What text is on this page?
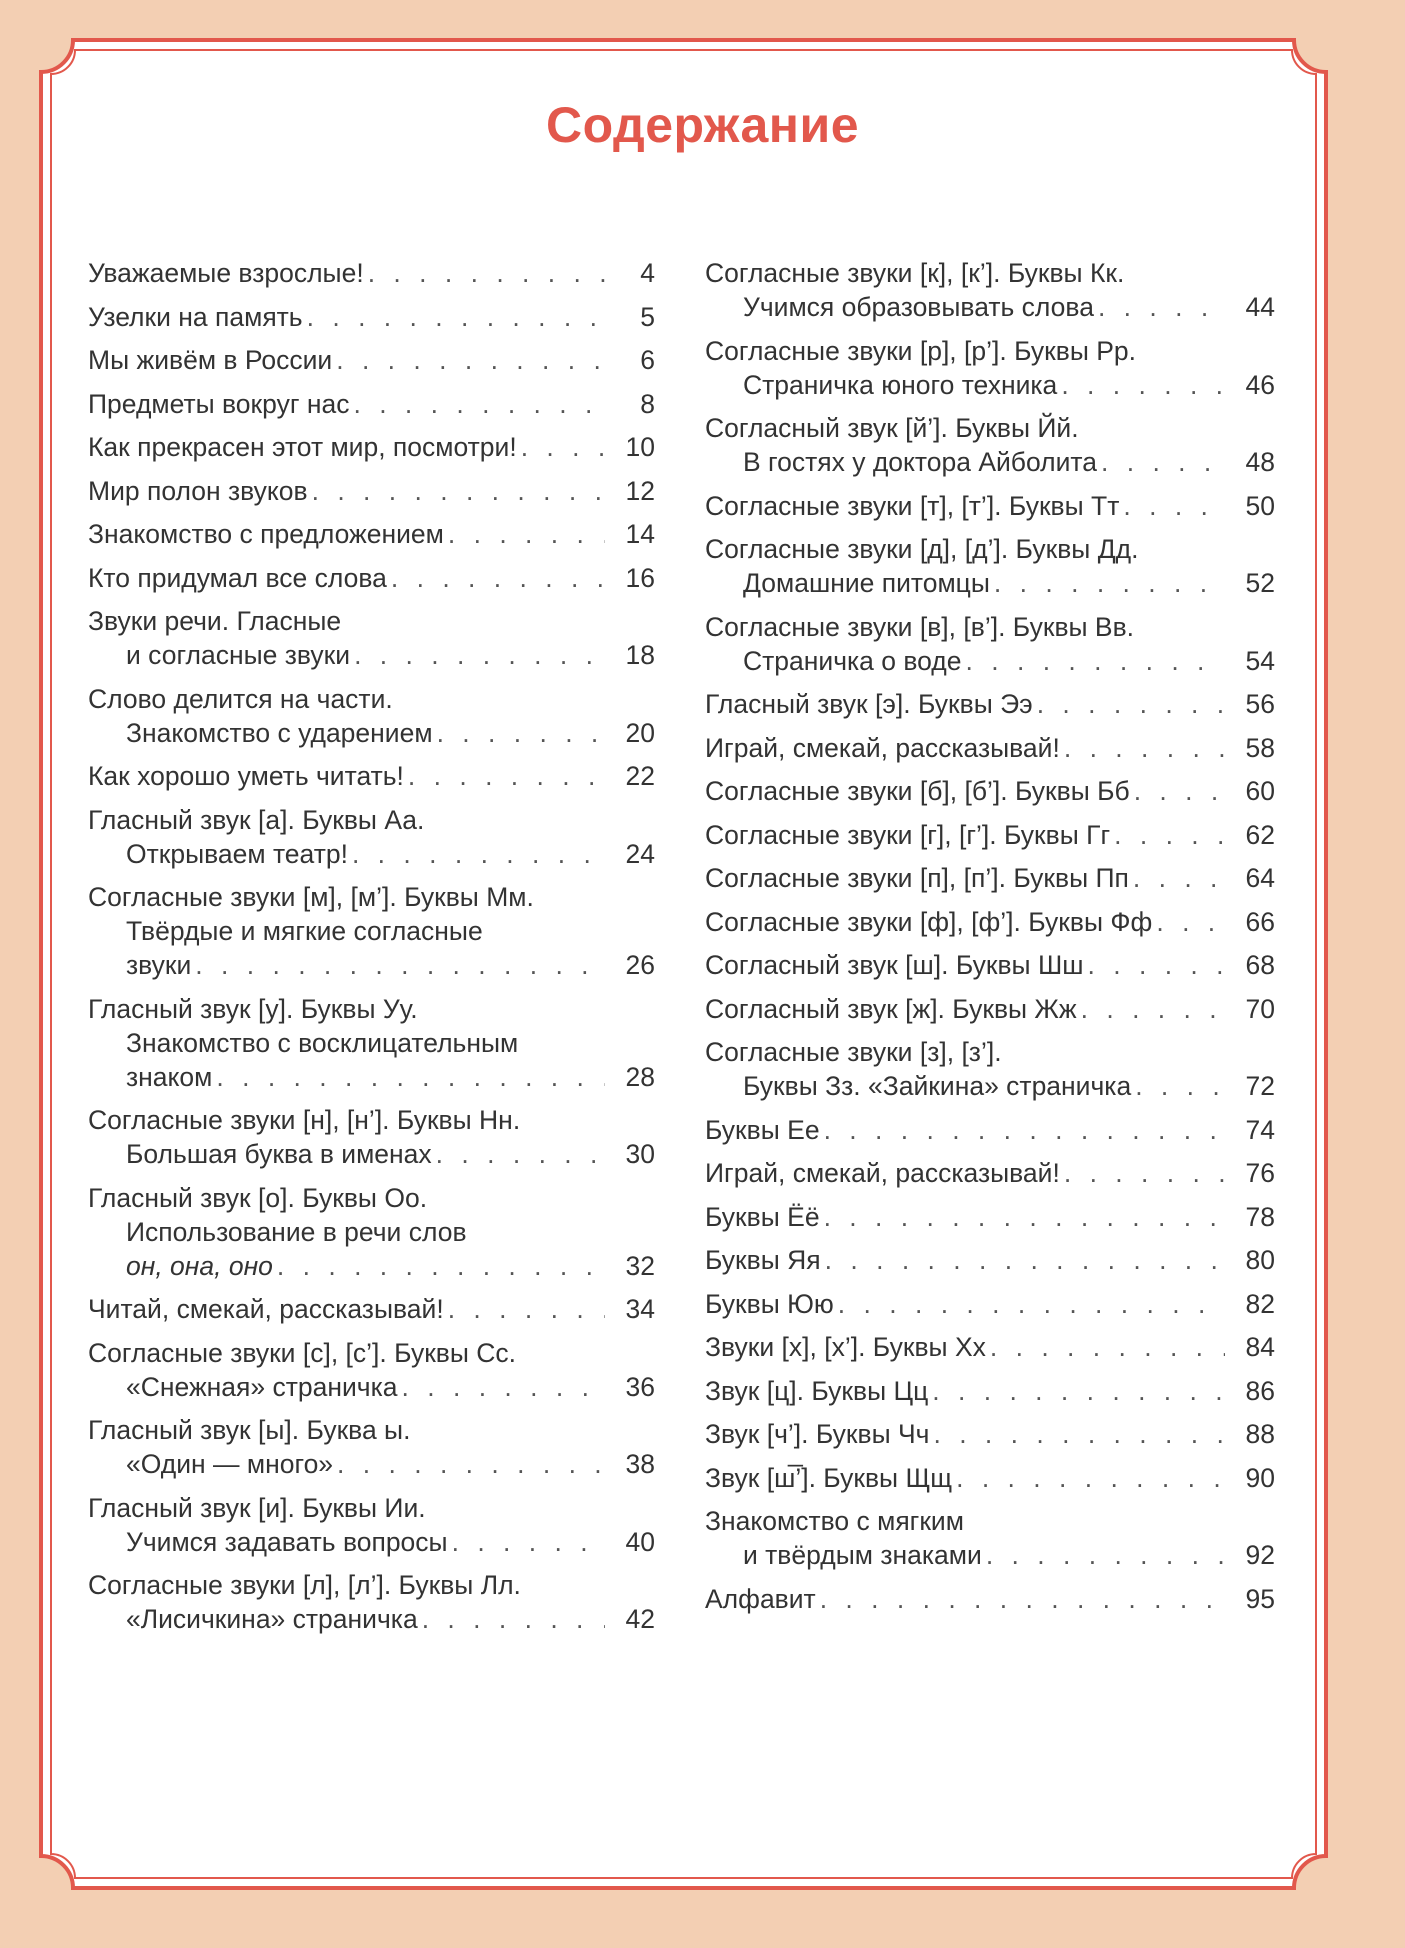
Содержание
Уважаемые взрослые! . . .	4
Узелки на память . . .	5
Мы живём в России . . .	6
Предметы вокруг нас . . .	8
Как прекрасен этот мир, посмотри! . . .	10
Мир полон звуков . . .	12
Знакомство с предложением . . .	14
Кто придумал все слова . . .	16
Звуки речи. Гласные
и согласные звуки . . .	18
Слово делится на части.
Знакомство с ударением . . .	20
Как хорошо уметь читать! . . .	22
Гласный звук [а]. Буквы Аа.
Открываем театр! . . .	24
Согласные звуки [м], [м’]. Буквы Мм.
Твёрдые и мягкие согласные
звуки . . .	26
Гласный звук [у]. Буквы Уу.
Знакомство с восклицательным
знаком . . .	28
Согласные звуки [н], [н’]. Буквы Нн.
Большая буква в именах . . .	30
Гласный звук [о]. Буквы Оо.
Использование в речи слов
он, она, оно . . .	32
Читай, смекай, рассказывай! . . .	34
Согласные звуки [с], [с’]. Буквы Сс.
«Снежная» страничка . . .	36
Гласный звук [ы]. Буква ы.
«Один — много» . . .	38
Гласный звук [и]. Буквы Ии.
Учимся задавать вопросы . . .	40
Согласные звуки [л], [л’]. Буквы Лл.
«Лисичкина» страничка . . .	42
Согласные звуки [к], [к’]. Буквы Кк.
Учимся образовывать слова . . .	44
Согласные звуки [р], [р’]. Буквы Рр.
Страничка юного техника . . .	46
Согласный звук [й’]. Буквы Йй.
В гостях у доктора Айболита . . .	48
Согласные звуки [т], [т’]. Буквы Тт . . .	50
Согласные звуки [д], [д’]. Буквы Дд.
Домашние питомцы . . .	52
Согласные звуки [в], [в’]. Буквы Вв.
Страничка о воде . . .	54
Гласный звук [э]. Буквы Ээ . . .	56
Играй, смекай, рассказывай! . . .	58
Согласные звуки [б], [б’]. Буквы Бб . . .	60
Согласные звуки [г], [г’]. Буквы Гг . . .	62
Согласные звуки [п], [п’]. Буквы Пп . . .	64
Согласные звуки [ф], [ф’]. Буквы Фф . . .	66
Согласный звук [ш]. Буквы Шш . . .	68
Согласный звук [ж]. Буквы Жж . . .	70
Согласные звуки [з], [з’].
Буквы Зз. «Зайкина» страничка . . .	72
Буквы Ее . . .	74
Играй, смекай, рассказывай! . . .	76
Буквы Ёё . . .	78
Буквы Яя . . .	80
Буквы Юю . . .	82
Звуки [х], [х’]. Буквы Хх . . .	84
Звук [ц]. Буквы Цц . . .	86
Звук [ч’]. Буквы Чч . . .	88
Звук [ш̅’]. Буквы Щщ . . .	90
Знакомство с мягким
и твёрдым знаками . . .	92
Алфавит . . .	95
